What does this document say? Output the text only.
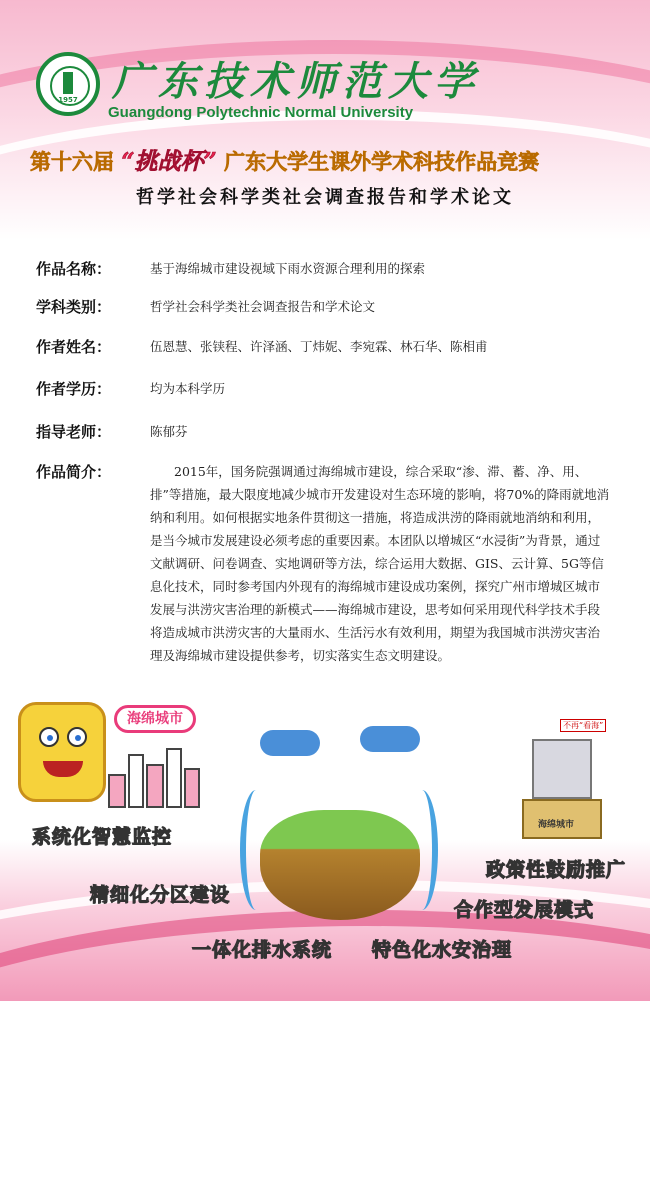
1957 广东技术师范大学
Guangdong Polytechnic Normal University
第十六届 “挑战杯” 广东大学生课外学术科技作品竞赛
哲学社会科学类社会调查报告和学术论文
作品名称：	基于海绵城市建设视域下雨水资源合理利用的探索
学科类别：	哲学社会科学类社会调查报告和学术论文
作者姓名：	伍恩慧、张铗程、许泽涵、丁炜妮、李宛霖、林石华、陈相甫
作者学历：	均为本科学历
指导老师：	陈郁芬
作品简介：	2015年，国务院强调通过海绵城市建设，综合采取“渗、滞、蓄、净、用、排”等措施，最大限度地减少城市开发建设对生态环境的影响，将70%的降雨就地消纳和利用。如何根据实地条件贯彻这一措施，将造成洪涝的降雨就地消纳和利用，是当今城市发展建设必须考虑的重要因素。本团队以增城区“水浸街”为背景，通过文献调研、问卷调查、实地调研等方法，综合运用大数据、GIS、云计算、5G等信息化技术，同时参考国内外现有的海绵城市建设成功案例，探究广州市增城区城市发展与洪涝灾害治理的新模式——海绵城市建设，思考如何采用现代科学技术手段将造成城市洪涝灾害的大量雨水、生活污水有效利用，期望为我国城市洪涝灾害治理及海绵城市建设提供参考，切实落实生态文明建设。

海绵城市	不再“看海”
海绵城市
系统化智慧监控
精细化分区建设
政策性鼓励推广
合作型发展模式
一体化排水系统 特色化水安治理
